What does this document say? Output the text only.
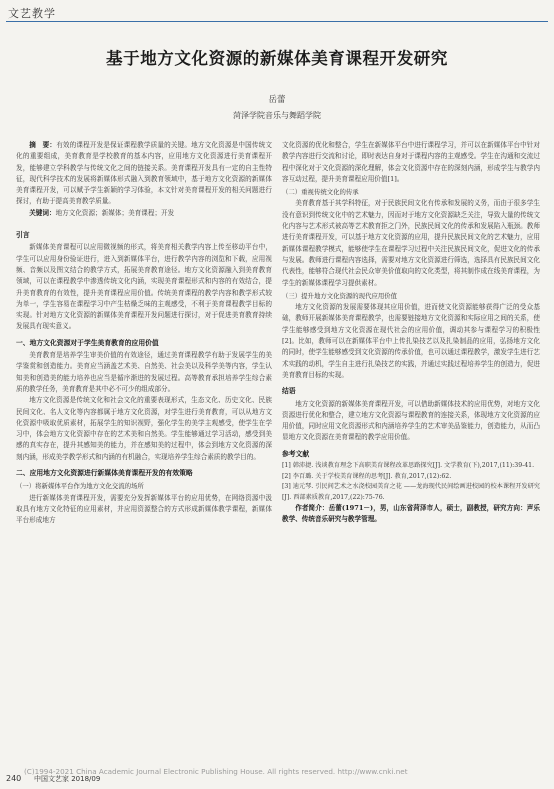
文艺教学
基于地方文化资源的新媒体美育课程开发研究
岳蕾
菏泽学院音乐与舞蹈学院

摘　要：有效的课程开发是保证课程教学质量的关键。地方文化资源是中国传统文化的重要组成，美育教育是学校教育的基本内容，应用地方文化资源进行美育课程开发，能够建立学科教学与传统文化之间的链接关系。美育课程开发具有一定的自主性特征，现代科学技术的发展将新媒体形式融入到教育领域中，基于地方文化资源的新媒体美育课程开发，可以赋予学生新颖的学习体验，本文针对美育课程开发的相关问题进行探讨，有助于提高美育教学质量。

关键词：地方文化资源；新媒体；美育课程；开发

引言

新媒体美育课程可以应用微视频的形式，将美育相关教学内容上传至移动平台中，学生可以应用身份验证进行，进入到新媒体平台，进行教学内容的浏览和下载，应用视频、音频以及图文结合的教学方式，拓展美育教育途径。地方文化资源融入到美育教育领域，可以在课程教学中渗透传统文化内涵，实现美育课程形式和内容的有效结合，提升美育教育的有效性，提升美育课程应用价值。传统美育课程的教学内容和教学形式较为单一，学生容易在课程学习中产生枯燥乏味的主观感受，不利于美育课程教学目标的实现。针对地方文化资源的新媒体美育课程开发问题进行探讨，对于促进美育教育持续发展具有现实意义。

一、地方文化资源对于学生美育教育的应用价值

美育教育是培养学生审美价值的有效途径，通过美育课程教学有助于发展学生的美学鉴赏和创造能力。美育应当涵盖艺术美、自然美、社会美以及科学美等内容，学生认知美和创造美的能力培养也应当是循序渐进的发展过程。高等教育承担培养学生综合素质的教学任务，美育教育是其中必不可少的组成部分。

地方文化资源是传统文化和社会文化的重要表现形式，生态文化、历史文化、民族民间文化、名人文化等内容都属于地方文化资源，对学生进行美育教育，可以从地方文化资源中吸取优质素材，拓展学生的知识视野，强化学生的美学主观感受，使学生在学习中，体会地方文化资源中存在的艺术美和自然美。学生能够通过学习活动，感受到美感的真实存在，提升其感知美的能力，并在感知美的过程中，体会到地方文化资源的深刻内涵，形成美学教学形式和内涵的有机融合，实现培养学生综合素质的教学目的。

二、应用地方文化资源进行新媒体美育课程开发的有效策略

（一）将新媒体平台作为地方文化交流的场所

进行新媒体美育课程开发，需要充分发挥新媒体平台的应用优势，在网络资源中汲取具有地方文化特征的应用素材，并应用资源整合的方式形成新媒体教学课程，新媒体平台形成地方

文化资源的优化和整合，学生在新媒体平台中进行课程学习，并可以在新媒体平台中针对教学内容进行交流和讨论，即时表达自身对于课程内容的主观感受。学生在沟通和交流过程中深化对于文化资源的深化理解，体会文化资源中存在的深刻内涵，形成学生与教学内容互动过程，提升美育课程应用价值[1]。

（二）重视传统文化的传承

美育教育基于其学科特征，对于民族民间文化有传承和发展的义务，而由于很多学生没有意识到传统文化中的艺术魅力，因而对于地方文化资源缺乏关注，导致大量的传统文化内容与艺术形式被高等艺术教育拒之门外，民族民间文化的传承和发展陷入瓶颈。教师进行美育课程开发，可以基于地方文化资源的应用，提升民族民间文化的艺术魅力，应用新媒体课程教学模式，能够使学生在课程学习过程中关注民族民间文化，促进文化的传承与发展。教师进行课程内容选择，需要对地方文化资源进行筛选，选择具有民族民间文化代表性，能够符合现代社会民众审美价值取向的文化类型，将其制作成在线美育课程，为学生的新媒体课程学习提供素材。

（三）提升地方文化资源的现代应用价值

地方文化资源的发展需要体现其应用价值，进而使文化资源能够获得广泛的受众基础，教师开展新媒体美育课程教学，也需要链接地方文化资源和实际应用之间的关系，使学生能够感受到地方文化资源在现代社会的应用价值，调动其参与课程学习的积极性[2]。比如，教师可以在新媒体平台中上传扎染技艺以及扎染制品的应用，弘扬地方文化的同时，使学生能够感受到文化资源的传承价值，也可以通过课程教学，激发学生进行艺术实践的动机，学生自主进行扎染技艺的实践，并通过实践过程培养学生的创造力，促进美育教育目标的实现。

结语

地方文化资源的新媒体美育课程开发，可以借助新媒体技术的应用优势，对地方文化资源进行优化和整合，建立地方文化资源与课程教育的连接关系，体现地方文化资源的应用价值，同时应用文化资源形式和内涵培养学生的艺术审美品鉴能力，创造能力，从而凸显地方文化资源在美育课程的教学应用价值。

参考文献

[1] 韩沛捷. 浅谈教育理念下高职美育课程改革思路探究[J]. 文学教育(下),2017,(11):39-41.

[2] 李百璐. 关于学校美育课程的思考[J]. 教育,2017,(12):62.

[3] 迪元琴. 引民间艺术之水浇校园美育之花 ——龙海现代民间绘画进校园的校本课程开发研究[J]. 西部素质教育,2017,(22):75-76.

作者简介：岳蕾(1971－)，男，山东省菏泽市人，硕士，副教授，研究方向：声乐教学、传统音乐研究与教学管理。

240 中国文艺家 2018/09
(C)1994-2021 China Academic Journal Electronic Publishing House. All rights reserved. http://www.cnki.net
